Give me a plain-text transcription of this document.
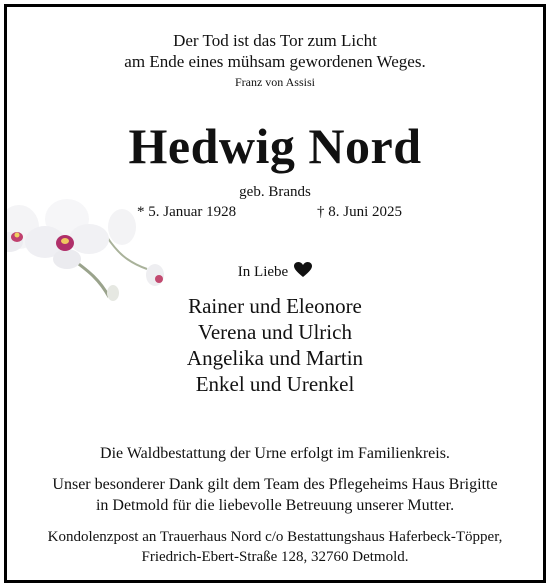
Der Tod ist das Tor zum Licht
am Ende eines mühsam gewordenen Weges.
Franz von Assisi
Hedwig Nord
geb. Brands
* 5. Januar 1928	† 8. Juni 2025
In Liebe
Rainer und Eleonore
Verena und Ulrich
Angelika und Martin
Enkel und Urenkel
Die Waldbestattung der Urne erfolgt im Familienkreis.
Unser besonderer Dank gilt dem Team des Pflegeheims Haus Brigitte
in Detmold für die liebevolle Betreuung unserer Mutter.
Kondolenzpost an Trauerhaus Nord c/o Bestattungshaus Haferbeck-Töpper,
Friedrich-Ebert-Straße 128, 32760 Detmold.
